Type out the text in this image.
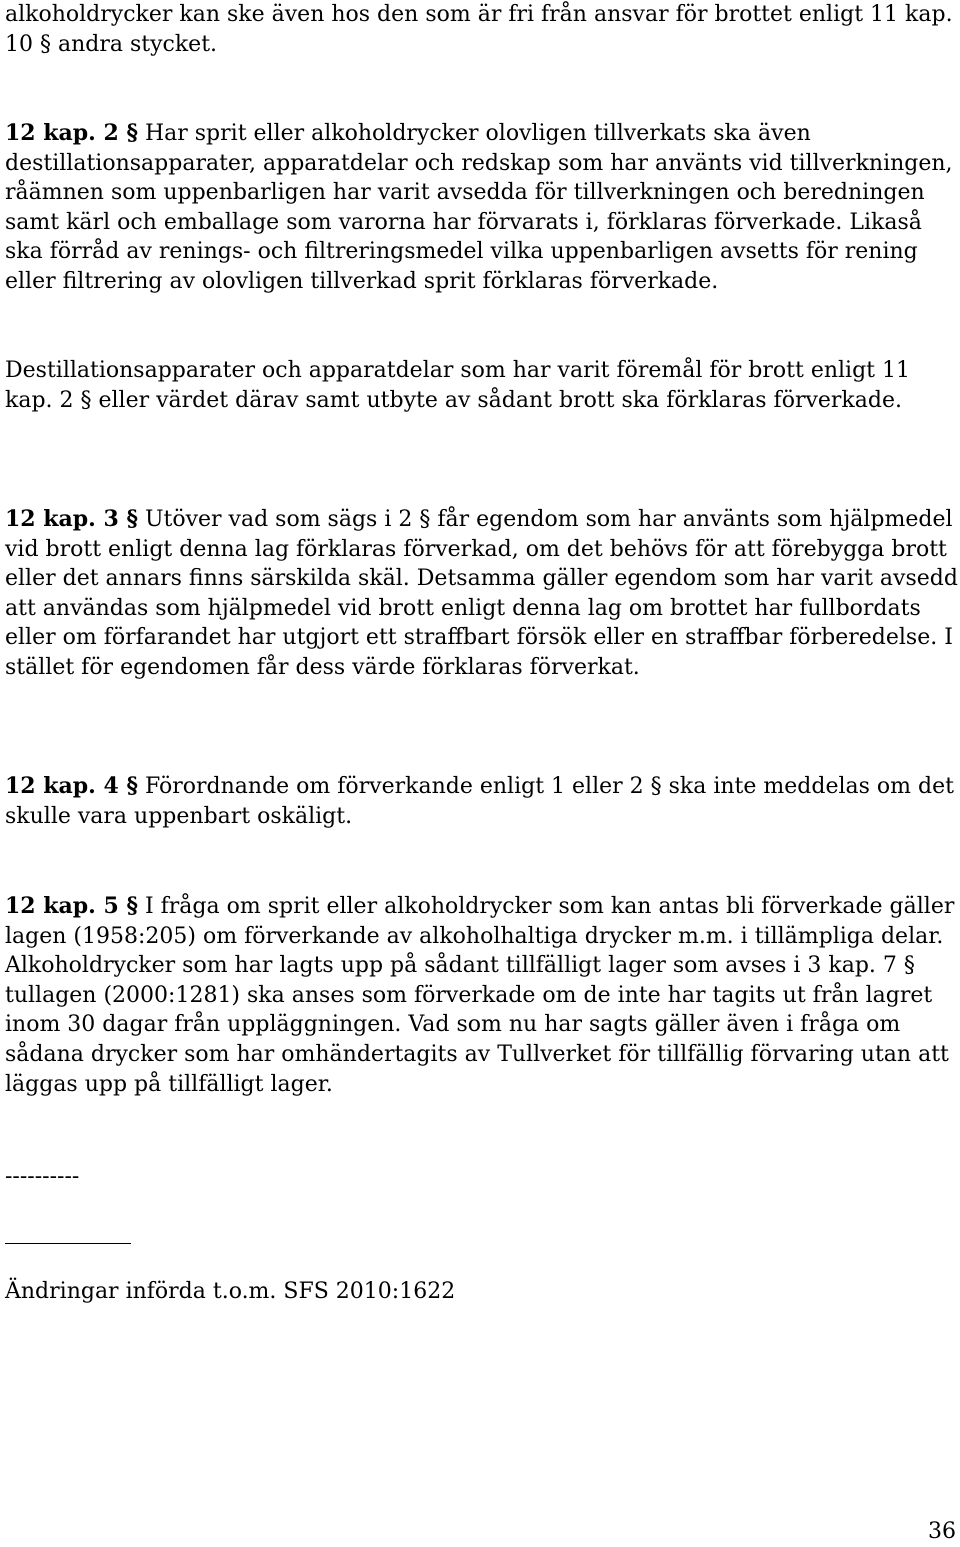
alkoholdrycker kan ske även hos den som är fri från ansvar för brottet enligt 11 kap. 10 § andra stycket.

12 kap. 2 § Har sprit eller alkoholdrycker olovligen tillverkats ska även destillationsapparater, apparatdelar och redskap som har använts vid tillverkningen, råämnen som uppenbarligen har varit avsedda för tillverkningen och beredningen samt kärl och emballage som varorna har förvarats i, förklaras förverkade. Likaså ska förråd av renings- och filtreringsmedel vilka uppenbarligen avsetts för rening eller filtrering av olovligen tillverkad sprit förklaras förverkade.

Destillationsapparater och apparatdelar som har varit föremål för brott enligt 11 kap. 2 § eller värdet därav samt utbyte av sådant brott ska förklaras förverkade.

12 kap. 3 § Utöver vad som sägs i 2 § får egendom som har använts som hjälpmedel vid brott enligt denna lag förklaras förverkad, om det behövs för att förebygga brott eller det annars finns särskilda skäl. Detsamma gäller egendom som har varit avsedd att användas som hjälpmedel vid brott enligt denna lag om brottet har fullbordats eller om förfarandet har utgjort ett straffbart försök eller en straffbar förberedelse. I stället för egendomen får dess värde förklaras förverkat.

12 kap. 4 § Förordnande om förverkande enligt 1 eller 2 § ska inte meddelas om det skulle vara uppenbart oskäligt.

12 kap. 5 § I fråga om sprit eller alkoholdrycker som kan antas bli förverkade gäller lagen (1958:205) om förverkande av alkoholhaltiga drycker m.m. i tillämpliga delar. Alkoholdrycker som har lagts upp på sådant tillfälligt lager som avses i 3 kap. 7 § tullagen (2000:1281) ska anses som förverkade om de inte har tagits ut från lagret inom 30 dagar från uppläggningen. Vad som nu har sagts gäller även i fråga om sådana drycker som har omhändertagits av Tullverket för tillfällig förvaring utan att läggas upp på tillfälligt lager.

----------
Ändringar införda t.o.m. SFS 2010:1622
36
